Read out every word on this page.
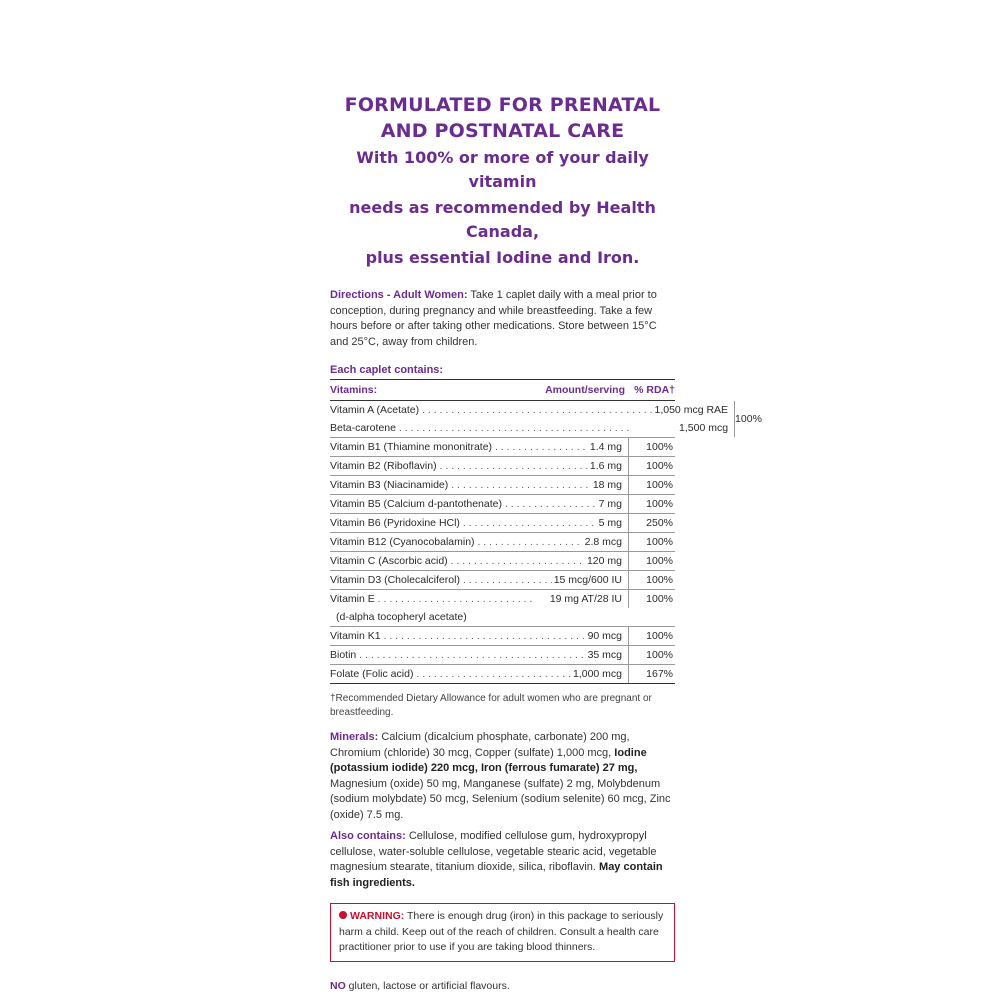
FORMULATED FOR PRENATAL
AND POSTNATAL CARE
With 100% or more of your daily vitamin
needs as recommended by Health Canada,
plus essential Iodine and Iron.
Directions - Adult Women: Take 1 caplet daily with a meal prior to conception, during pregnancy and while breastfeeding. Take a few hours before or after taking other medications. Store between 15°C and 25°C, away from children.
Each caplet contains:
Vitamins:	Amount/serving % RDA†
Vitamin A (Acetate) . . .	1,050 mcg RAE
Beta-carotene . . .	1,500 mcg
100%
Vitamin B1 (Thiamine mononitrate) . . .	1.4 mg	100%
Vitamin B2 (Riboflavin) . . .	1.6 mg	100%
Vitamin B3 (Niacinamide) . . .	18 mg	100%
Vitamin B5 (Calcium d-pantothenate) . . .	7 mg	100%
Vitamin B6 (Pyridoxine HCl) . . .	5 mg	250%
Vitamin B12 (Cyanocobalamin) . . .	2.8 mcg	100%
Vitamin C (Ascorbic acid) . . .	120 mg	100%
Vitamin D3 (Cholecalciferol) . . .	15 mcg/600 IU	100%
Vitamin E . . . . . . . . . . . . . . . . . . . . . . . . . . .	19 mg AT/28 IU	100%
(d-alpha tocopheryl acetate)
Vitamin K1 . . .	90 mcg	100%
Biotin . . .	35 mcg	100%
Folate (Folic acid) . . .	1,000 mcg	167%
†Recommended Dietary Allowance for adult women who are pregnant or breastfeeding.
Minerals: Calcium (dicalcium phosphate, carbonate) 200 mg, Chromium (chloride) 30 mcg, Copper (sulfate) 1,000 mcg, Iodine (potassium iodide) 220 mcg, Iron (ferrous fumarate) 27 mg, Magnesium (oxide) 50 mg, Manganese (sulfate) 2 mg, Molybdenum (sodium molybdate) 50 mcg, Selenium (sodium selenite) 60 mcg, Zinc (oxide) 7.5 mg.
Also contains: Cellulose, modified cellulose gum, hydroxypropyl cellulose, water-soluble cellulose, vegetable stearic acid, vegetable magnesium stearate, titanium dioxide, silica, riboflavin. May contain fish ingredients.
WARNING: There is enough drug (iron) in this package to seriously harm a child. Keep out of the reach of children. Consult a health care practitioner prior to use if you are taking blood thinners.
NO gluten, lactose or artificial flavours.
